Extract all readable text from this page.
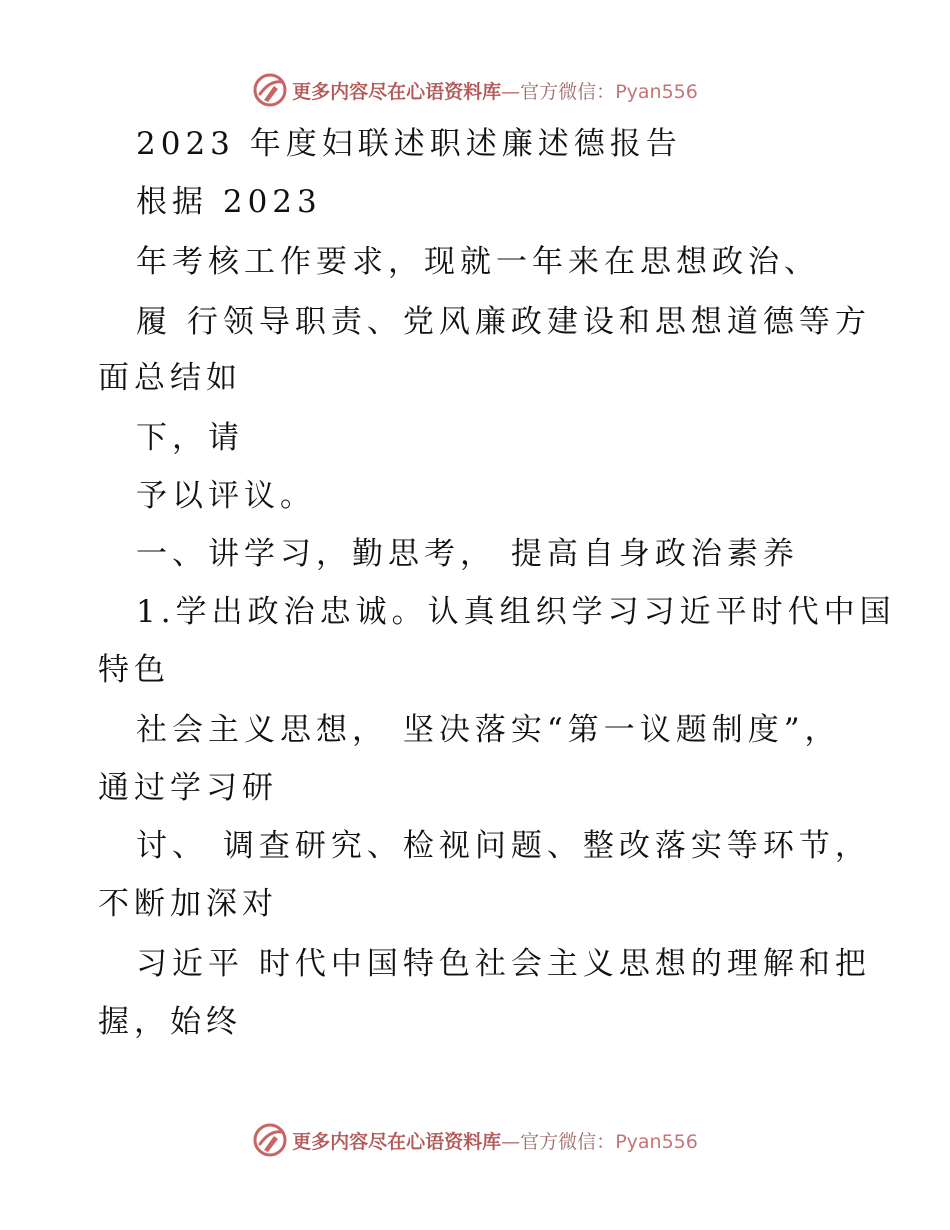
更多内容尽在心语资料库—官方微信：Pyan556
2023 年度妇联述职述廉述德报告
根据 2023
年考核工作要求，现就一年来在思想政治、
履 行领导职责、党风廉政建设和思想道德等方
面总结如
下，请
予以评议。
一、讲学习，勤思考， 提高自身政治素养
1.学出政治忠诚。认真组织学习习近平时代中国
特色
社会主义思想， 坚决落实“第一议题制度”，
通过学习研
讨、 调查研究、检视问题、整改落实等环节，
不断加深对
习近平 时代中国特色社会主义思想的理解和把
握，始终
更多内容尽在心语资料库—官方微信：Pyan556
